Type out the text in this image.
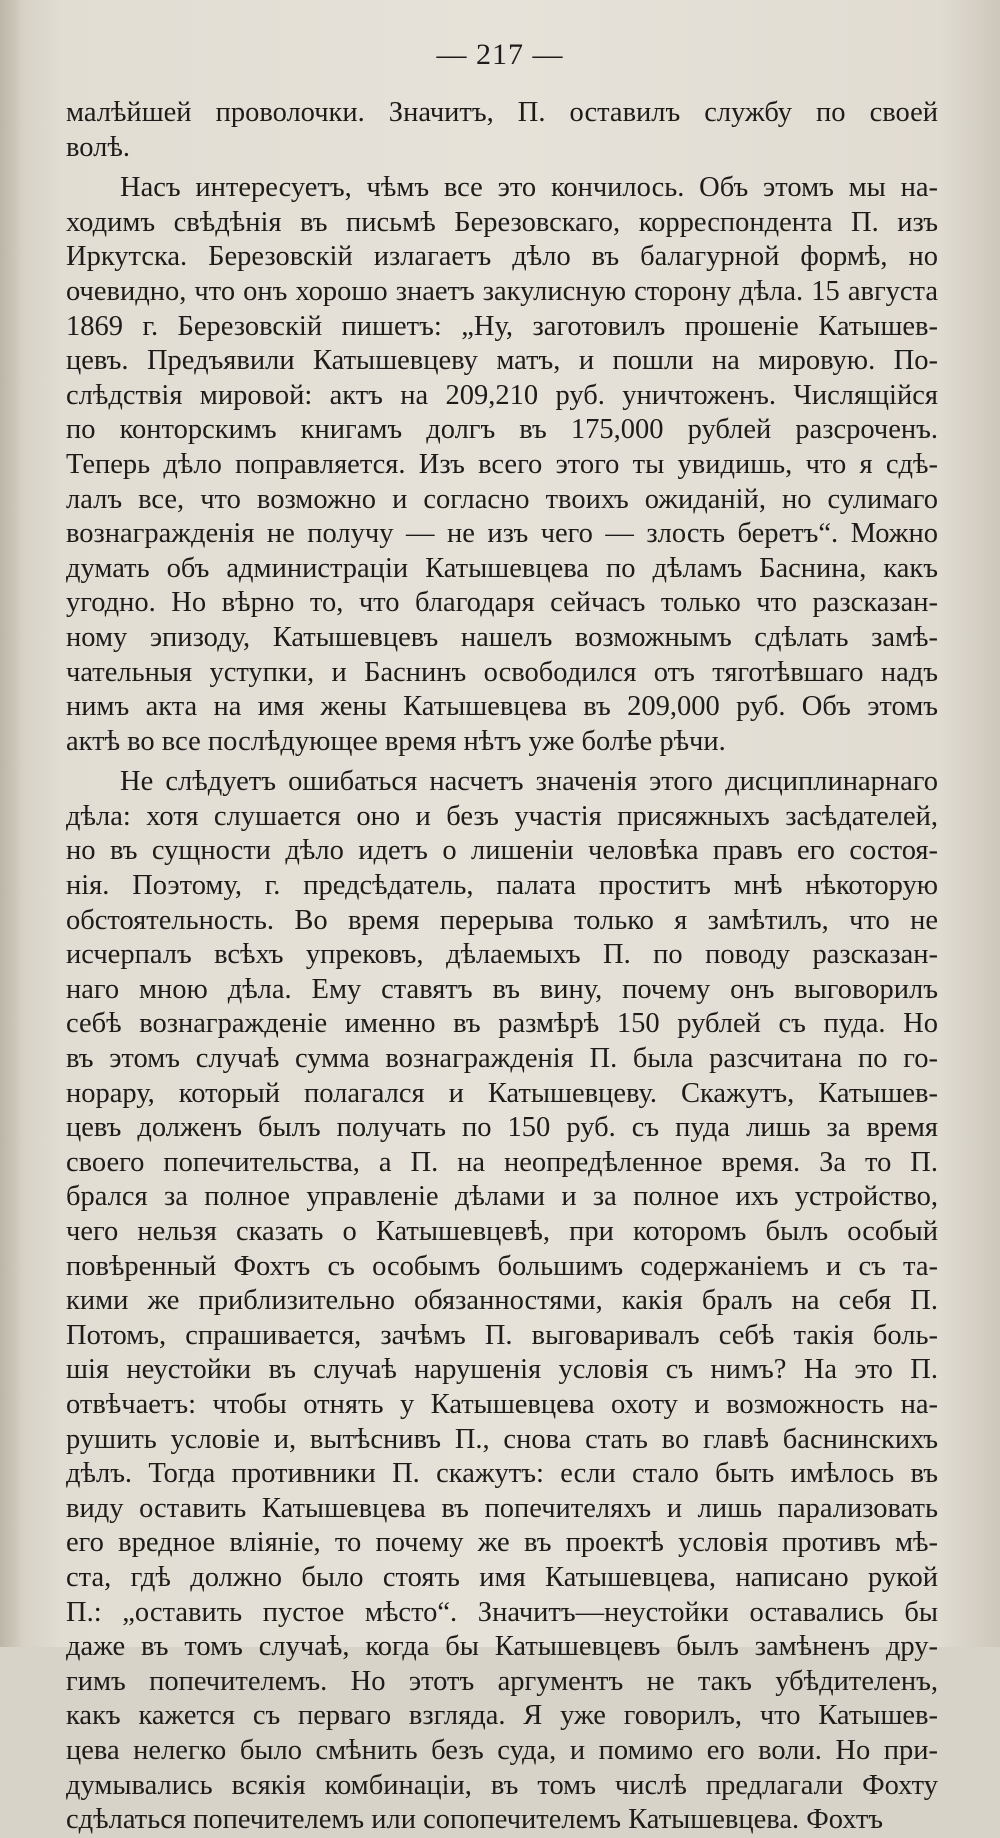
— 217 —
малѣйшей проволочки. Значитъ, П. оставилъ службу по своей
волѣ.
Насъ интересуетъ, чѣмъ все это кончилось. Объ этомъ мы на-
ходимъ свѣдѣнія въ письмѣ Березовскаго, корреспондента П. изъ
Иркутска. Березовскій излагаетъ дѣло въ балагурной формѣ, но
очевидно, что онъ хорошо знаетъ закулисную сторону дѣла. 15 августа
1869 г. Березовскій пишетъ: „Ну, заготовилъ прошеніе Катышев-
цевъ. Предъявили Катышевцеву матъ, и пошли на мировую. По-
слѣдствія мировой: актъ на 209,210 руб. уничтоженъ. Числящійся
по конторскимъ книгамъ долгъ въ 175,000 рублей разсроченъ.
Теперь дѣло поправляется. Изъ всего этого ты увидишь, что я сдѣ-
лалъ все, что возможно и согласно твоихъ ожиданій, но сулимаго
вознагражденія не получу — не изъ чего — злость беретъ“. Можно
думать объ администраціи Катышевцева по дѣламъ Баснина, какъ
угодно. Но вѣрно то, что благодаря сейчасъ только что разсказан-
ному эпизоду, Катышевцевъ нашелъ возможнымъ сдѣлать замѣ-
чательныя уступки, и Баснинъ освободился отъ тяготѣвшаго надъ
нимъ акта на имя жены Катышевцева въ 209,000 руб. Объ этомъ
актѣ во все послѣдующее время нѣтъ уже болѣе рѣчи.
Не слѣдуетъ ошибаться насчетъ значенія этого дисциплинарнаго
дѣла: хотя слушается оно и безъ участія присяжныхъ засѣдателей,
но въ сущности дѣло идетъ о лишеніи человѣка правъ его состоя-
нія. Поэтому, г. предсѣдатель, палата проститъ мнѣ нѣкоторую
обстоятельность. Во время перерыва только я замѣтилъ, что не
исчерпалъ всѣхъ упрековъ, дѣлаемыхъ П. по поводу разсказан-
наго мною дѣла. Ему ставятъ въ вину, почему онъ выговорилъ
себѣ вознагражденіе именно въ размѣрѣ 150 рублей съ пуда. Но
въ этомъ случаѣ сумма вознагражденія П. была разсчитана по го-
норару, который полагался и Катышевцеву. Скажутъ, Катышев-
цевъ долженъ былъ получать по 150 руб. съ пуда лишь за время
своего попечительства, а П. на неопредѣленное время. За то П.
брался за полное управленіе дѣлами и за полное ихъ устройство,
чего нельзя сказать о Катышевцевѣ, при которомъ былъ особый
повѣренный Фохтъ съ особымъ большимъ содержаніемъ и съ та-
кими же приблизительно обязанностями, какія бралъ на себя П.
Потомъ, спрашивается, зачѣмъ П. выговаривалъ себѣ такія боль-
шія неустойки въ случаѣ нарушенія условія съ нимъ? На это П.
отвѣчаетъ: чтобы отнять у Катышевцева охоту и возможность на-
рушить условіе и, вытѣснивъ П., снова стать во главѣ баснинскихъ
дѣлъ. Тогда противники П. скажутъ: если стало быть имѣлось въ
виду оставить Катышевцева въ попечителяхъ и лишь парализовать
его вредное вліяніе, то почему же въ проектѣ условія противъ мѣ-
ста, гдѣ должно было стоять имя Катышевцева, написано рукой
П.: „оставить пустое мѣсто“. Значитъ—неустойки оставались бы
даже въ томъ случаѣ, когда бы Катышевцевъ былъ замѣненъ дру-
гимъ попечителемъ. Но этотъ аргументъ не такъ убѣдителенъ,
какъ кажется съ перваго взгляда. Я уже говорилъ, что Катышев-
цева нелегко было смѣнить безъ суда, и помимо его воли. Но при-
думывались всякія комбинаціи, въ томъ числѣ предлагали Фохту
сдѣлаться попечителемъ или сопопечителемъ Катышевцева. Фохтъ
